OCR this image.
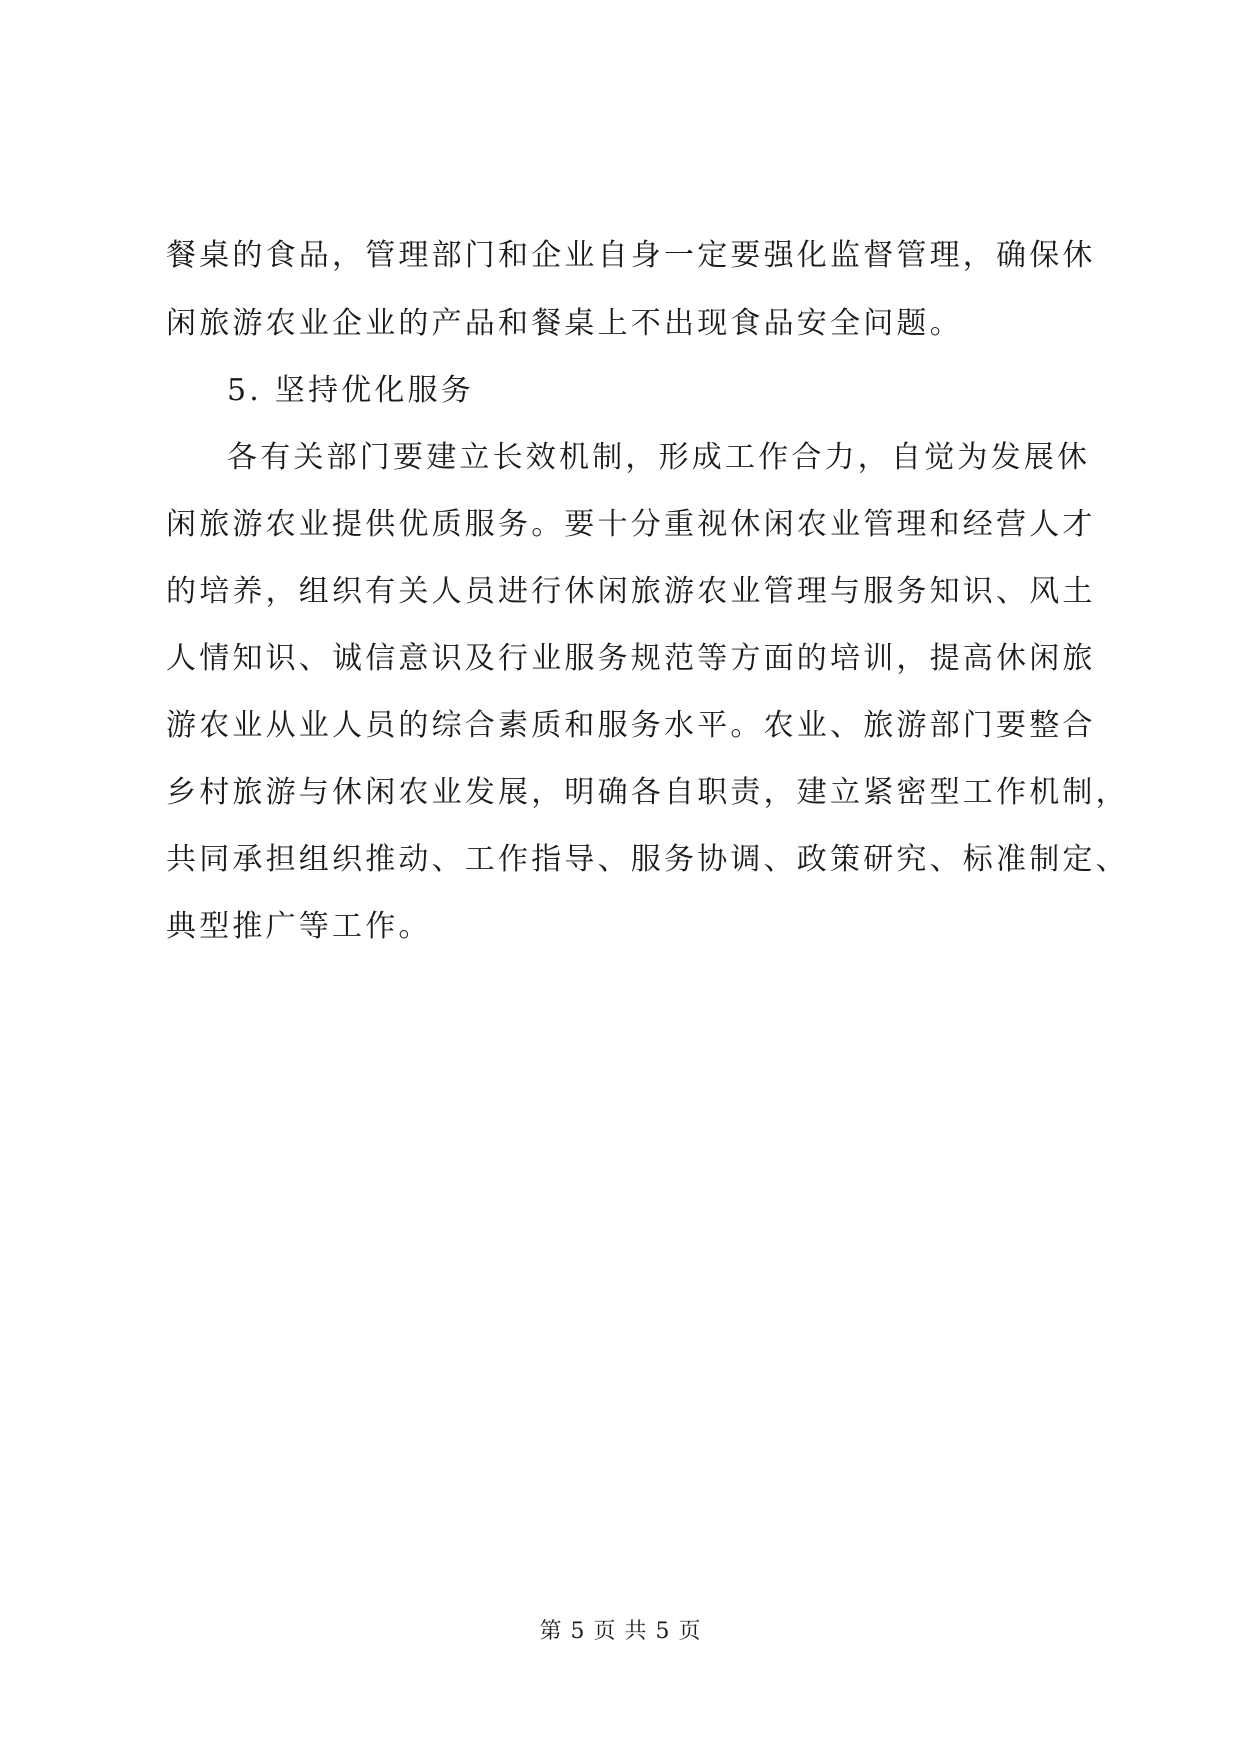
餐桌的食品，管理部门和企业自身一定要强化监督管理，确保休
闲旅游农业企业的产品和餐桌上不出现食品安全问题。
5. 坚持优化服务
各有关部门要建立长效机制，形成工作合力，自觉为发展休
闲旅游农业提供优质服务。要十分重视休闲农业管理和经营人才
的培养，组织有关人员进行休闲旅游农业管理与服务知识、风土
人情知识、诚信意识及行业服务规范等方面的培训，提高休闲旅
游农业从业人员的综合素质和服务水平。农业、旅游部门要整合
乡村旅游与休闲农业发展，明确各自职责，建立紧密型工作机制，
共同承担组织推动、工作指导、服务协调、政策研究、标准制定、
典型推广等工作。
第 5 页 共 5 页
